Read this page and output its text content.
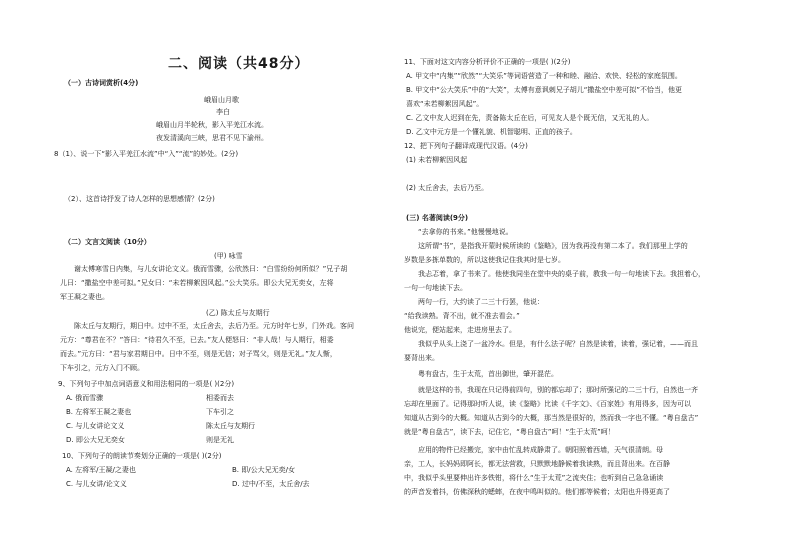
二、阅读（共48分）
（一）古诗词赏析(4分)
峨眉山月歌
李白
峨眉山月半轮秋，影入平羌江水流。
夜发清溪向三峡，思君不见下渝州。
8（1）、说一下“影入平羌江水流”中“入”“流”的妙处。(2分)
（2）、这首诗抒发了诗人怎样的思想感情？(2分)
（二）文言文阅读（10分）
(甲) 咏雪
谢太傅寒雪日内集，与儿女讲论文义。俄而雪骤，公欣然曰：“白雪纷纷何所似？”兄子胡
儿曰：“撒盐空中差可拟。”兄女曰：“未若柳絮因风起。”公大笑乐。即公大兄无奕女，左将
军王凝之妻也。
(乙) 陈太丘与友期行
陈太丘与友期行，期日中。过中不至，太丘舍去，去后乃至。元方时年七岁，门外戏。客问
元方：“尊君在不？”答曰：“待君久不至，已去。”友人便怒曰：“非人哉！与人期行，相委
而去。”元方曰：“君与家君期日中。日中不至，则是无信；对子骂父，则是无礼。”友人惭，
下车引之，元方入门不顾。
9、下列句子中加点词语意义和用法相同的一项是( )(2分)
A. 俄而雪骤	相委而去
B. 左将军王凝之妻也	下车引之
C. 与儿女讲论文义	陈太丘与友期行
D. 即公大兄无奕女	则是无礼
10、下列句子的朗读节奏划分正确的一项是( )(2分)
A. 左将军/王凝/之妻也	B. 即/公大兄无奕/女
C. 与儿女讲/论文义	D. 过中/不至，太丘舍/去
11、下面对这文内容分析评价不正确的一项是( )(2分)
A. 甲文中“内集”“欣然”“大笑乐”等词语营造了一种和睦、融洽、欢快、轻松的家庭氛围。
B. 甲文中“公大笑乐”中的“大笑”，太傅有意讽刺兄子胡儿“撒盐空中差可拟”不恰当，他更
喜欢“未若柳絮因风起”。
C. 乙文中友人迟到在先，责备陈太丘在后，可见友人是个既无信，又无礼的人。
D. 乙文中元方是一个懂礼貌、机智聪明、正直的孩子。
12、把下列句子翻译成现代汉语。(4分)
(1) 未若柳絮因风起
(2) 太丘舍去，去后乃至。
(三) 名著阅读(9分)
“去拿你的书来。”他慢慢地说。
这所谓“书”，是指我开蒙时候所读的《鉴略》，因为我再没有第二本了。我们那里上学的
岁数是多拣单数的，所以这使我记住我其时是七岁。
我忐忑着，拿了书来了。他使我同坐在堂中央的桌子前，教我一句一句地读下去。我担着心，
一句一句地读下去。
两句一行，大约读了二三十行罢，他说：
“给我读熟。背不出，就不准去看会。”
他说完，便站起来，走进房里去了。
我似乎从头上浇了一盆冷水。但是，有什么法子呢？自然是读着，读着，强记着，——而且
要背出来。
粤有盘古，生于太荒，首出御世，肇开混茫。
就是这样的书，我现在只记得前四句，别的都忘却了；那时所强记的二三十行，自然也一齐
忘却在里面了。记得那时听人说，读《鉴略》比读《千字文》、《百家姓》有用得多，因为可以
知道从古到今的大概。知道从古到今的大概，那当然是很好的，然而我一字也不懂。“粤自盘古”
就是“粤自盘古”，读下去，记住它，“粤自盘古”呵！“生于太荒”呵！
应用的物件已经搬完，家中由忙乱转成静肃了。朝阳照着西墙，天气很清朗。母
亲，工人，长妈妈即阿长，都无法营救，只默默地静候着我读熟，而且背出来。在百静
中，我似乎头里要伸出许多铁钳，将什么“生于太荒”之流夹住；也听到自己急急诵读
的声音发着抖，仿佛深秋的蟋蟀，在夜中鸣叫似的。他们都等候着；太阳也升得更高了
